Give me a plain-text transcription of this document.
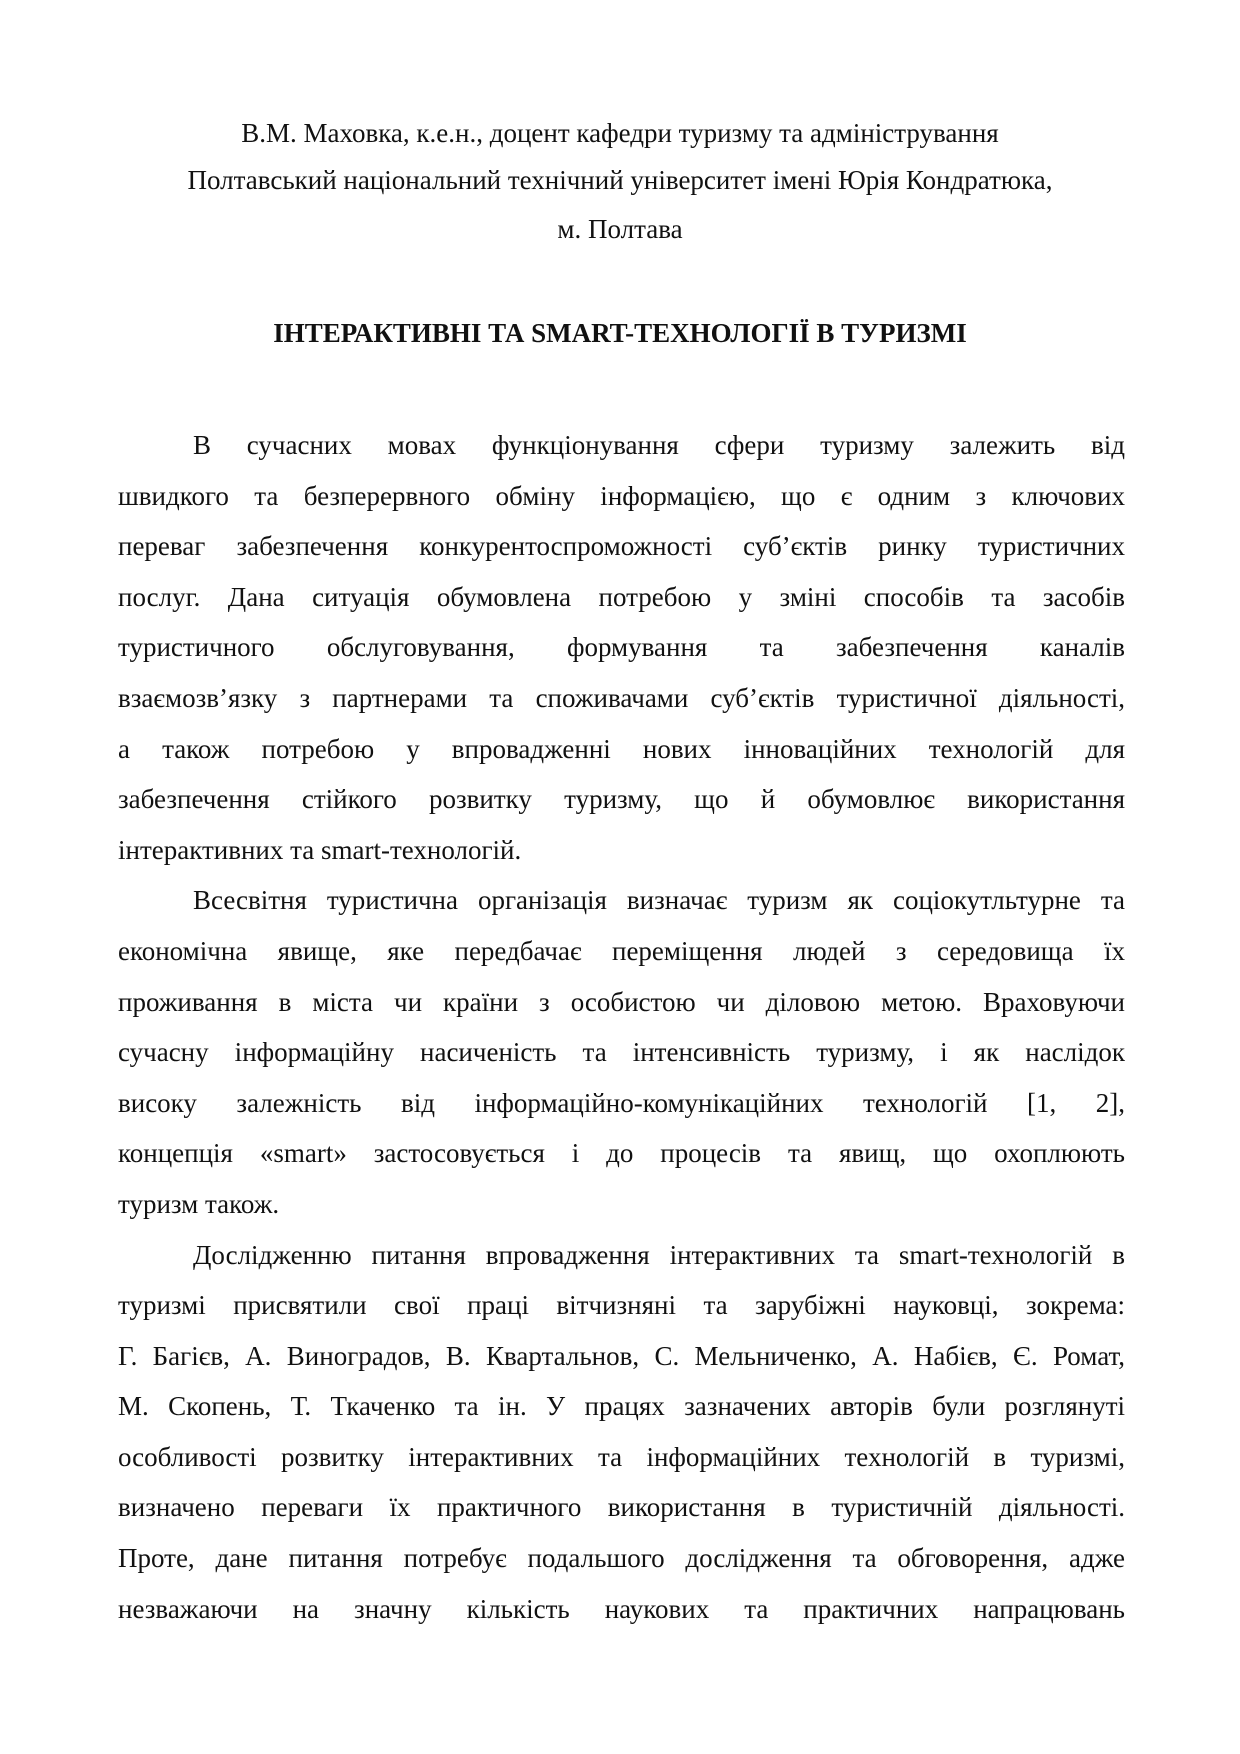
В.М. Маховка, к.е.н., доцент кафедри туризму та адміністрування
Полтавський національний технічний університет імені Юрія Кондратюка,
м. Полтава
ІНТЕРАКТИВНІ ТА SMART-ТЕХНОЛОГІЇ В ТУРИЗМІ
В сучасних мовах функціонування сфери туризму залежить від
швидкого та безперервного обміну інформацією, що є одним з ключових
переваг забезпечення конкурентоспроможності суб’єктів ринку туристичних
послуг. Дана ситуація обумовлена потребою у зміні способів та засобів
туристичного обслуговування, формування та забезпечення каналів
взаємозв’язку з партнерами та споживачами суб’єктів туристичної діяльності,
а також потребою у впровадженні нових інноваційних технологій для
забезпечення стійкого розвитку туризму, що й обумовлює використання
інтерактивних та smart-технологій.
Всесвітня туристична організація визначає туризм як соціокутльтурне та
економічна явище, яке передбачає переміщення людей з середовища їх
проживання в міста чи країни з особистою чи діловою метою. Враховуючи
сучасну інформаційну насиченість та інтенсивність туризму, і як наслідок
високу залежність від інформаційно-комунікаційних технологій [1, 2],
концепція «smart» застосовується і до процесів та явищ, що охоплюють
туризм також.
Дослідженню питання впровадження інтерактивних та smart-технологій в
туризмі присвятили свої праці вітчизняні та зарубіжні науковці, зокрема:
Г. Багієв, А. Виноградов, В. Квартальнов, С. Мельниченко, А. Набієв, Є. Ромат,
М. Скопень, Т. Ткаченко та ін. У працях зазначених авторів були розглянуті
особливості розвитку інтерактивних та інформаційних технологій в туризмі,
визначено переваги їх практичного використання в туристичній діяльності.
Проте, дане питання потребує подальшого дослідження та обговорення, адже
незважаючи на значну кількість наукових та практичних напрацювань
